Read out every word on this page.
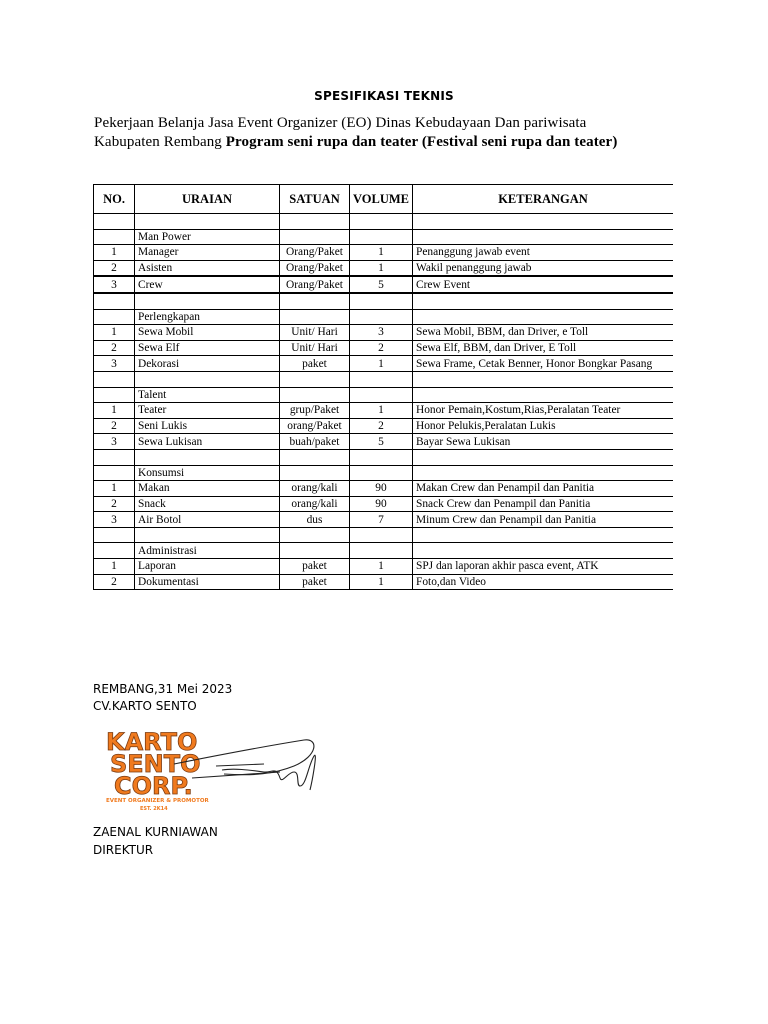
SPESIFIKASI TEKNIS
Pekerjaan Belanja Jasa Event Organizer (EO) Dinas Kebudayaan Dan pariwisata
Kabupaten Rembang Program seni rupa dan teater (Festival seni rupa dan teater)
NO.	URAIAN	SATUAN	VOLUME	KETERANGAN

	Man Power			
1	Manager	Orang/Paket	1	Penanggung jawab event
2	Asisten	Orang/Paket	1	Wakil penanggung jawab
3	Crew	Orang/Paket	5	Crew Event

	Perlengkapan			
1	Sewa Mobil	Unit/ Hari	3	Sewa Mobil, BBM, dan Driver, e Toll
2	Sewa Elf	Unit/ Hari	2	Sewa Elf, BBM, dan Driver, E Toll
3	Dekorasi	paket	1	Sewa Frame, Cetak Benner, Honor Bongkar Pasang

	Talent			
1	Teater	grup/Paket	1	Honor Pemain,Kostum,Rias,Peralatan Teater
2	Seni Lukis	orang/Paket	2	Honor Pelukis,Peralatan Lukis
3	Sewa Lukisan	buah/paket	5	Bayar Sewa Lukisan

	Konsumsi			
1	Makan	orang/kali	90	Makan Crew dan Penampil dan Panitia
2	Snack	orang/kali	90	Snack Crew dan Penampil dan Panitia
3	Air Botol	dus	7	Minum Crew dan Penampil dan Panitia

	Administrasi			
1	Laporan	paket	1	SPJ dan laporan akhir pasca event, ATK
2	Dokumentasi	paket	1	Foto,dan Video
REMBANG,31 Mei 2023
CV.KARTO SENTO
KARTO
SENTO
CORP.
EVENT ORGANIZER & PROMOTOR
EST. 2K14
ZAENAL KURNIAWAN
DIREKTUR
